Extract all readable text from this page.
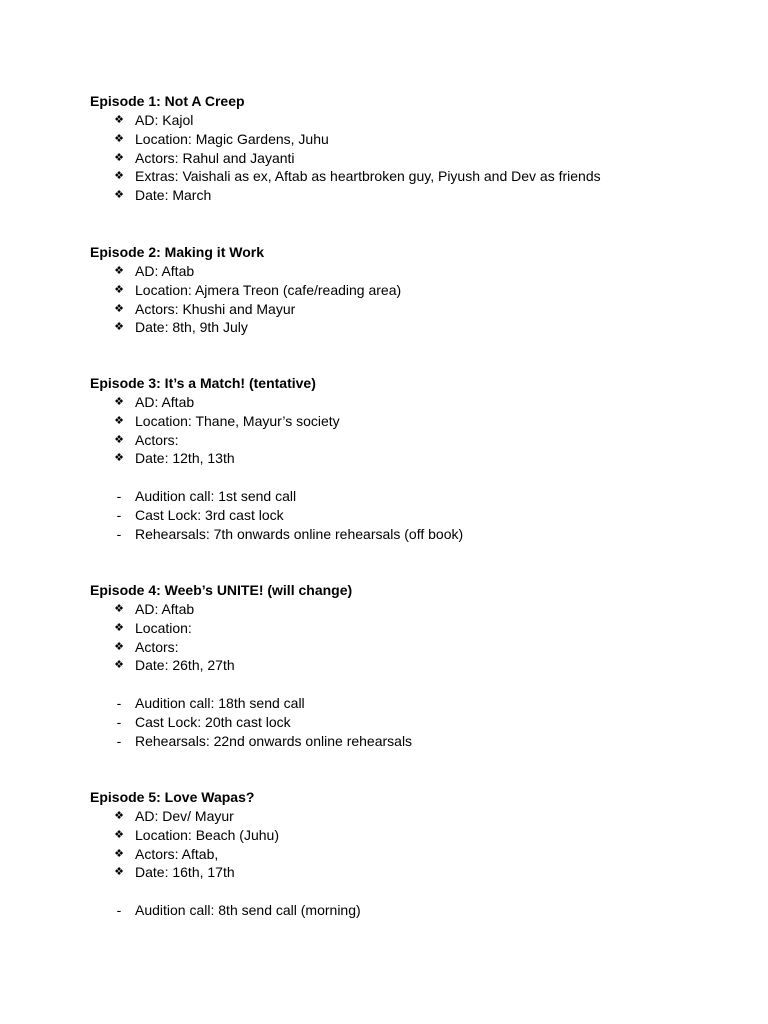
Episode 1: Not A Creep
❖ AD: Kajol
❖ Location: Magic Gardens, Juhu
❖ Actors: Rahul and Jayanti
❖ Extras: Vaishali as ex, Aftab as heartbroken guy, Piyush and Dev as friends
❖ Date: March
Episode 2: Making it Work
❖ AD: Aftab
❖ Location: Ajmera Treon (cafe/reading area)
❖ Actors: Khushi and Mayur
❖ Date: 8th, 9th July
Episode 3: It’s a Match! (tentative)
❖ AD: Aftab
❖ Location: Thane, Mayur’s society
❖ Actors:
❖ Date: 12th, 13th
- Audition call: 1st send call
- Cast Lock: 3rd cast lock
- Rehearsals: 7th onwards online rehearsals (off book)
Episode 4: Weeb’s UNITE! (will change)
❖ AD: Aftab
❖ Location:
❖ Actors:
❖ Date: 26th, 27th
- Audition call: 18th send call
- Cast Lock: 20th cast lock
- Rehearsals: 22nd onwards online rehearsals
Episode 5: Love Wapas?
❖ AD: Dev/ Mayur
❖ Location: Beach (Juhu)
❖ Actors: Aftab,
❖ Date: 16th, 17th
- Audition call: 8th send call (morning)
